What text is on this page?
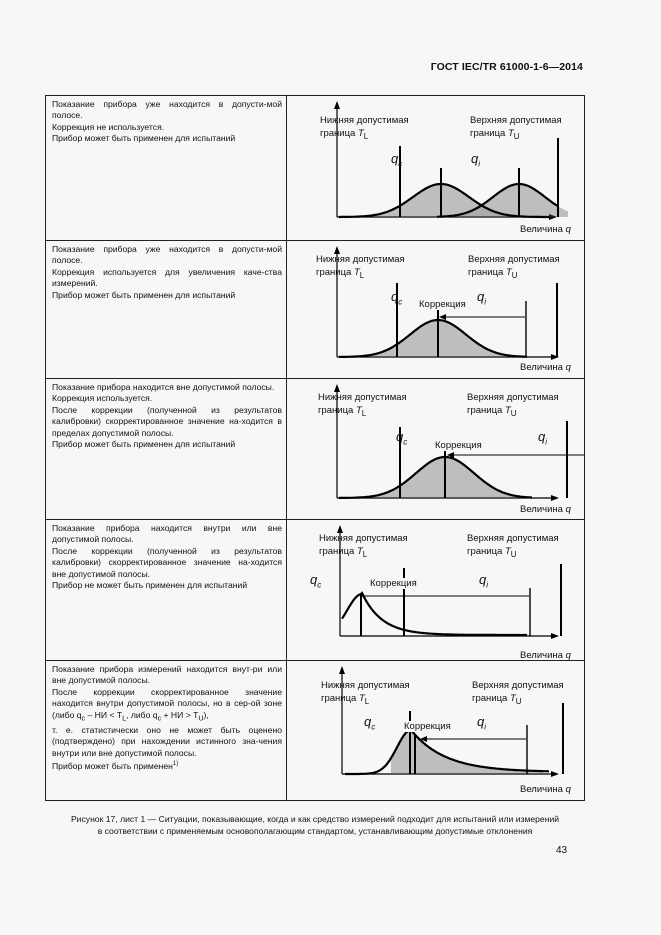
ГОСТ IEC/TR 61000-1-6—2014

Показание прибора уже находится в допусти-мой полосе.

Коррекция не используется.

Прибор может быть применен для испытаний

Нижняя допустимая
граница $T_L$
Верхняя допустимая
граница $T_U$
$q_c$	$q_i$
Величина q

Показание прибора уже находится в допусти-мой полосе.

Коррекция используется для увеличения каче-ства измерений.

Прибор может быть применен для испытаний

Нижняя допустимая
граница $T_L$
Верхняя допустимая
граница $T_U$
$q_c$	$q_i$
Коррекция
Величина q

Показание прибора находится вне допустимой полосы.

Коррекция используется.

После коррекции (полученной из результатов калибровки) скорректированное значение на-ходится в пределах допустимой полосы.

Прибор может быть применен для испытаний

Нижняя допустимая
граница $T_L$
Верхняя допустимая
граница $T_U$
$q_c$	$q_i$
Коррекция
Величина q

Показание прибора находится внутри или вне допустимой полосы.

После коррекции (полученной из результатов калибровки) скорректированное значение на-ходится вне допустимой полосы.

Прибор не может быть применен для испытаний

Нижняя допустимая
граница $T_L$
Верхняя допустимая
граница $T_U$
$q_c$	$q_i$
Коррекция
Величина q

Показание прибора измерений находится внут-ри или вне допустимой полосы.

После коррекции скорректированное значение находится внутри допустимой полосы, но в сер-ой зоне (либо $q_c$ – НИ < $T_L$, либо $q_c$ + НИ > $T_U$),

т. е. статистически оно не может быть оценено (подтверждено) при нахождении истинного зна-чения внутри или вне допустимой полосы.

Прибор может быть применен$^{1)}$

Нижняя допустимая
граница $T_L$
Верхняя допустимая
граница $T_U$
$q_c$	$q_i$
Коррекция
Величина q
Рисунок 17, лист 1 — Ситуации, показывающие, когда и как средство измерений подходит для испытаний или измерений
в соответствии с применяемым основополагающим стандартом, устанавливающим допустимые отклонения
43
